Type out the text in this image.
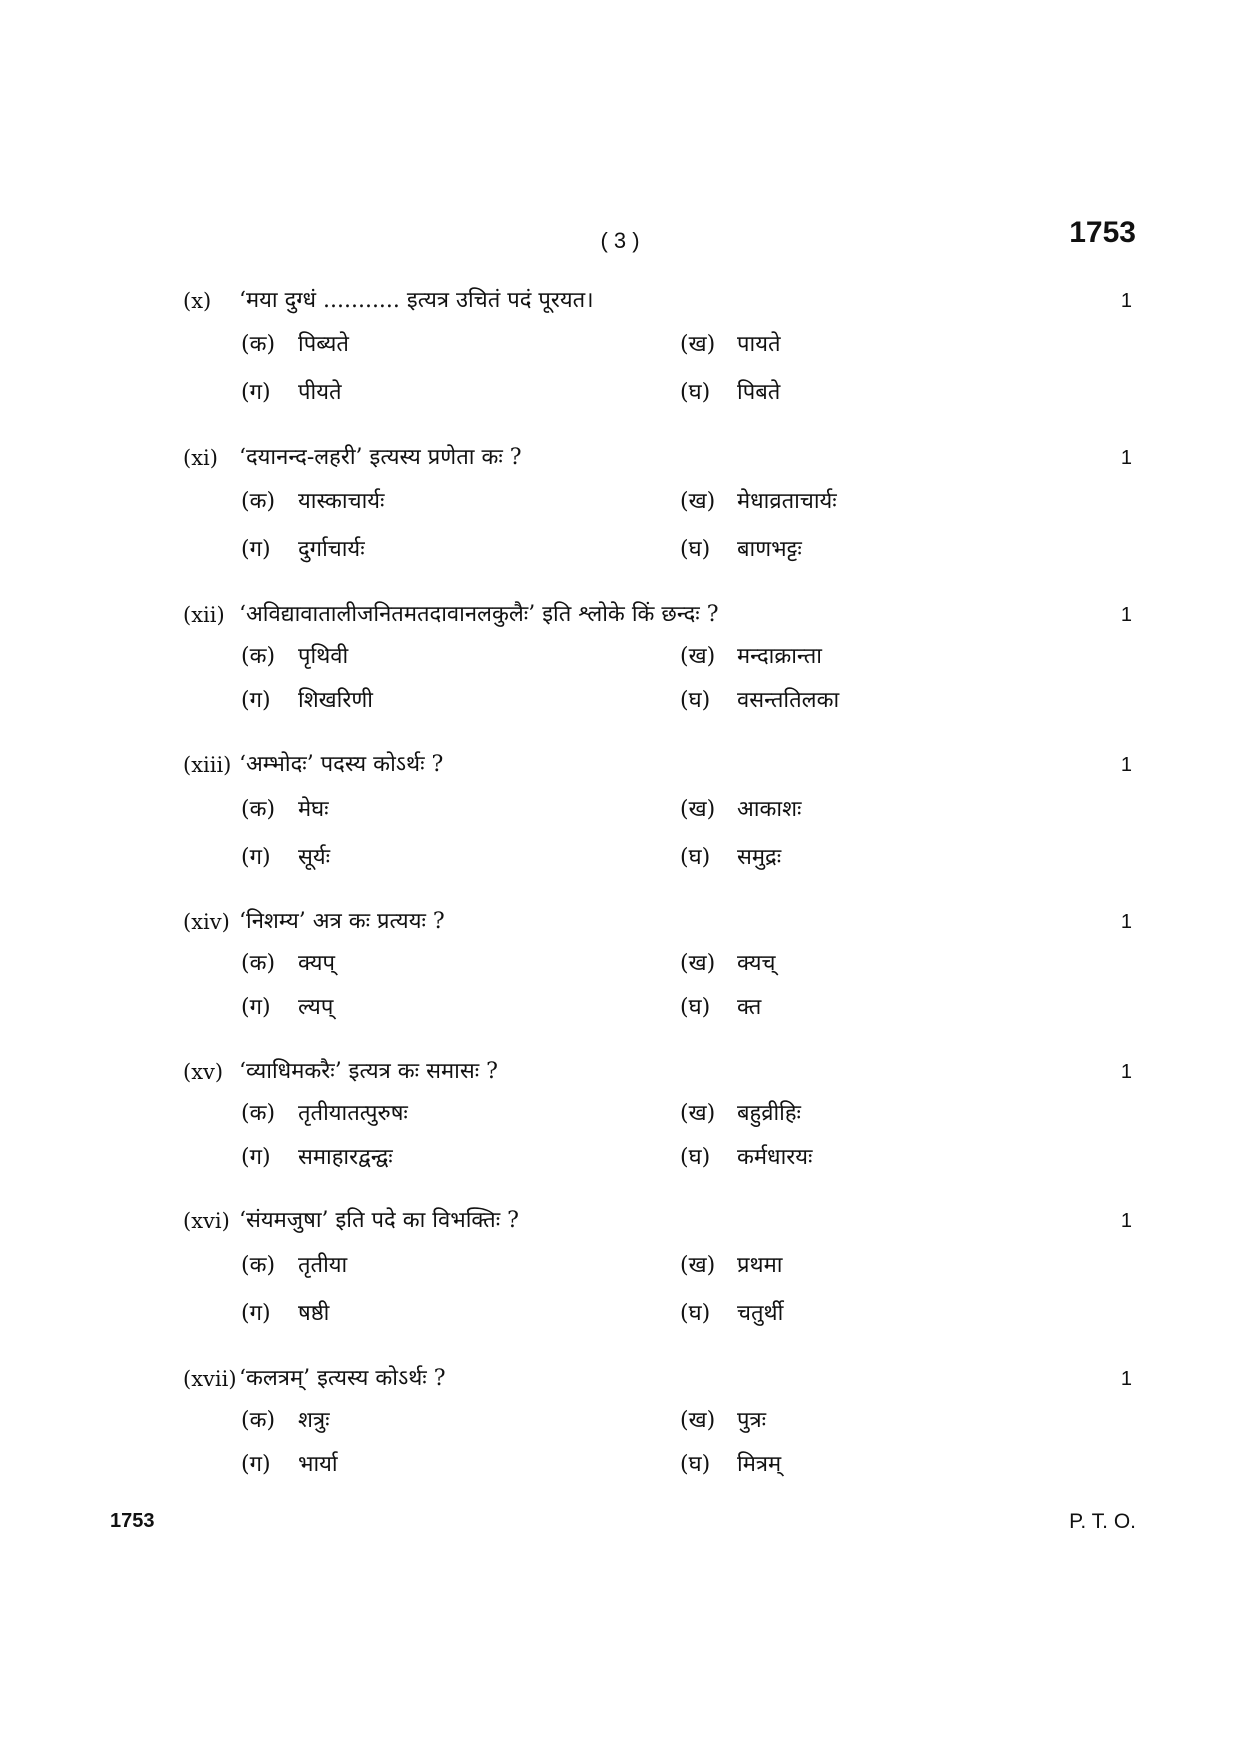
( 3 )	1753
(x) ‘मया दुग्धं ........... इत्यत्र उचितं पदं पूरयत।	1
(क) पिब्यते	(ख) पायते
(ग) पीयते	(घ) पिबते
(xi) ‘दयानन्द-लहरी’ इत्यस्य प्रणेता कः ?	1
(क) यास्काचार्यः	(ख) मेधाव्रताचार्यः
(ग) दुर्गाचार्यः	(घ) बाणभट्टः
(xii) ‘अविद्यावातालीजनितमतदावानलकुलैः’ इति श्लोके किं छन्दः ?	1
(क) पृथिवी	(ख) मन्दाक्रान्ता
(ग) शिखरिणी	(घ) वसन्ततिलका
(xiii) ‘अम्भोदः’ पदस्य कोऽर्थः ?	1
(क) मेघः	(ख) आकाशः
(ग) सूर्यः	(घ) समुद्रः
(xiv) ‘निशम्य’ अत्र कः प्रत्ययः ?	1
(क) क्यप्	(ख) क्यच्
(ग) ल्यप्	(घ) क्त
(xv) ‘व्याधिमकरैः’ इत्यत्र कः समासः ?	1
(क) तृतीयातत्पुरुषः	(ख) बहुव्रीहिः
(ग) समाहारद्वन्द्वः	(घ) कर्मधारयः
(xvi) ‘संयमजुषा’ इति पदे का विभक्तिः ?	1
(क) तृतीया	(ख) प्रथमा
(ग) षष्ठी	(घ) चतुर्थी
(xvii) ‘कलत्रम्’ इत्यस्य कोऽर्थः ?	1
(क) शत्रुः	(ख) पुत्रः
(ग) भार्या	(घ) मित्रम्
1753	P. T. O.
